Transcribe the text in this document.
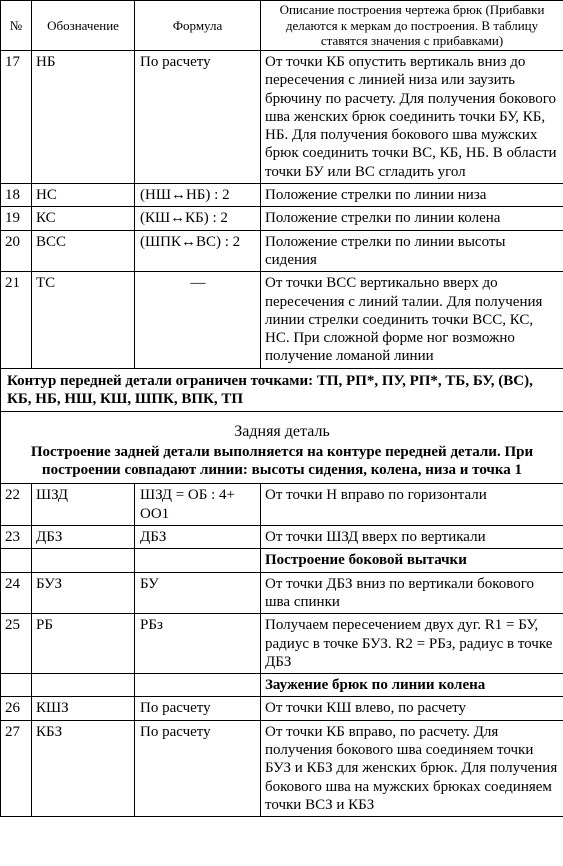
№	Обозначение	Формула	Описание построения чертежа брюк (Прибавки делаются к меркам до построения. В таблицу ставятся значения с прибавками)
17	НБ	По расчету	От точки КБ опустить вертикаль вниз до пересечения с линией низа или заузить брючину по расчету. Для получения бокового шва женских брюк соединить точки БУ, КБ, НБ. Для получения бокового шва мужских брюк соединить точки ВС, КБ, НБ. В области точки БУ или ВС сгладить угол
18	НС	(НШ↔НБ) : 2	Положение стрелки по линии низа
19	КС	(КШ↔КБ) : 2	Положение стрелки по линии колена
20	ВСС	(ШПК↔ВС) : 2	Положение стрелки по линии высоты сидения
21	ТС	—	От точки ВСС вертикально вверх до пересечения с линий талии. Для получения линии стрелки соединить точки ВСС, КС, НС. При сложной форме ног возможно получение ломаной линии
Контур передней детали ограничен точками: ТП, РП*, ПУ, РП*, ТБ, БУ, (ВС), КБ, НБ, НШ, КШ, ШПК, ВПК, ТП			

Задняя деталь
Построение задней детали выполняется на контуре передней детали. При построении совпадают линии: высоты сидения, колена, низа и точка 1			

22	ШЗД	ШЗД = ОБ : 4+ ОО1	От точки Н вправо по горизонтали
23	ДБЗ	ДБЗ	От точки ШЗД вверх по вертикали
			Построение боковой вытачки
24	БУЗ	БУ	От точки ДБЗ вниз по вертикали бокового шва спинки
25	РБ	РБз	Получаем пересечением двух дуг. R1 = БУ, радиус в точке БУЗ. R2 = РБз, радиус в точке ДБЗ
			Заужение брюк по линии колена
26	КШЗ	По расчету	От точки КШ влево, по расчету
27	КБЗ	По расчету	От точки КБ вправо, по расчету. Для получения бокового шва соединяем точки БУЗ и КБЗ для женских брюк. Для получения бокового шва на мужских брюках соединяем точки ВСЗ и КБЗ
